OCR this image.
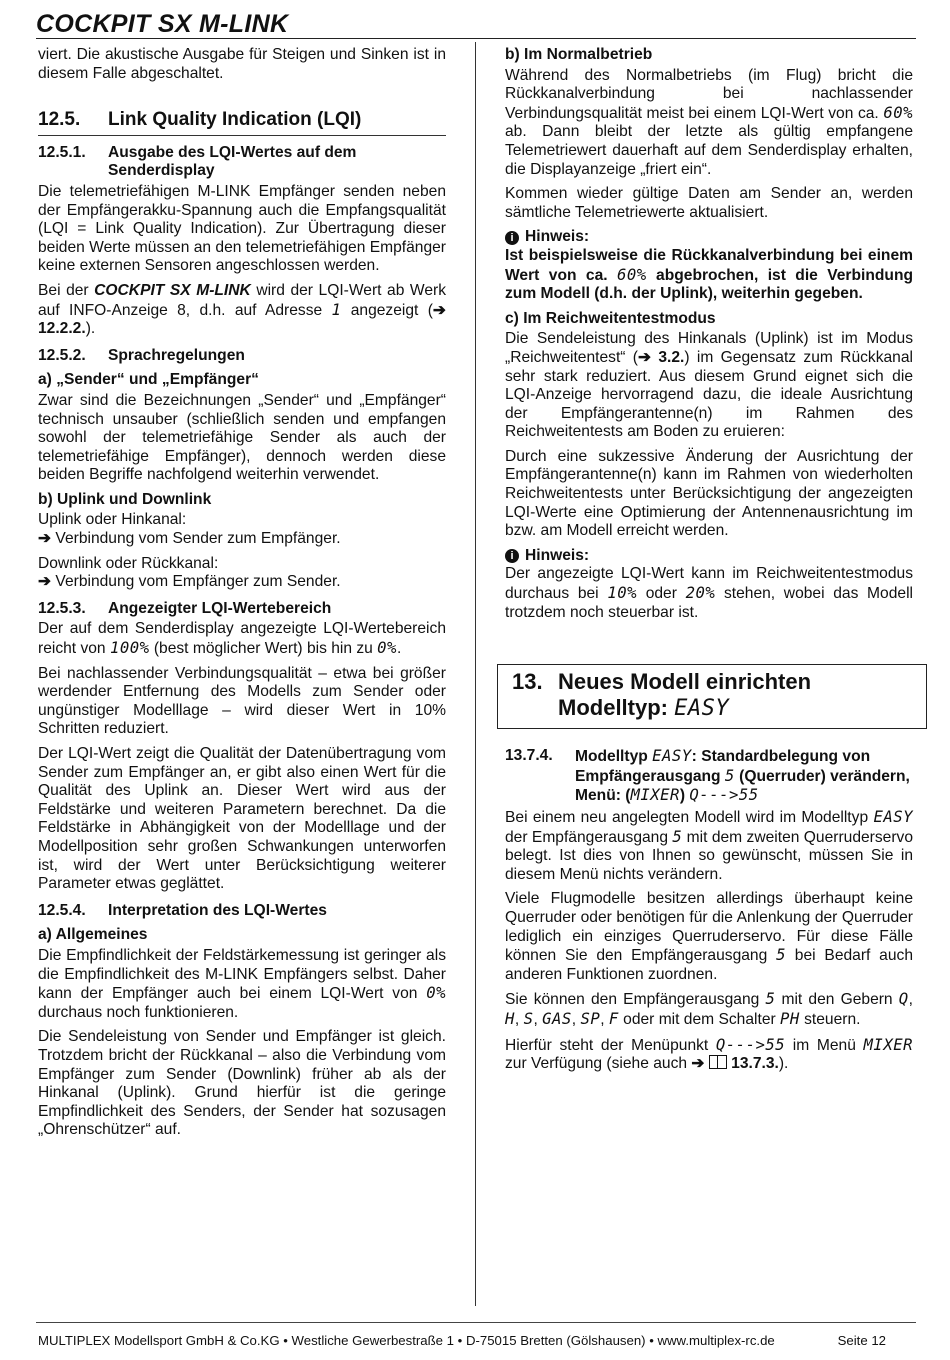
COCKPIT SX M-LINK

viert. Die akustische Ausgabe für Steigen und Sinken ist in diesem Falle abgeschaltet.

12.5.	Link Quality Indication (LQI)
12.5.1.	Ausgabe des LQI-Wertes auf dem Senderdisplay

Die telemetriefähigen M-LINK Empfänger senden neben der Empfängerakku-Spannung auch die Empfangsqualität (LQI = Link Quality Indication). Zur Übertragung dieser beiden Werte müssen an den telemetriefähigen Empfänger keine externen Sensoren angeschlossen werden.

Bei der COCKPIT SX M-LINK wird der LQI-Wert ab Werk auf INFO-Anzeige 8, d.h. auf Adresse 1 angezeigt (➔ 12.2.2.).

12.5.2.	Sprachregelungen
a) „Sender“ und „Empfänger“

Zwar sind die Bezeichnungen „Sender“ und „Empfänger“ technisch unsauber (schließlich senden und empfangen sowohl der telemetriefähige Sender als auch der telemetriefähige Empfänger), dennoch werden diese beiden Begriffe nachfolgend weiterhin verwendet.

b) Uplink und Downlink
Uplink oder Hinkanal:

➔ Verbindung vom Sender zum Empfänger.

Downlink oder Rückkanal:

➔ Verbindung vom Empfänger zum Sender.

12.5.3.	Angezeigter LQI-Wertebereich

Der auf dem Senderdisplay angezeigte LQI-Wertebereich reicht von 100% (best möglicher Wert) bis hin zu 0%.

Bei nachlassender Verbindungsqualität – etwa bei größer werdender Entfernung des Modells zum Sender oder ungünstiger Modelllage – wird dieser Wert in 10% Schritten reduziert.

Der LQI-Wert zeigt die Qualität der Datenübertragung vom Sender zum Empfänger an, er gibt also einen Wert für die Qualität des Uplink an. Dieser Wert wird aus der Feldstärke und weiteren Parametern berechnet. Da die Feldstärke in Abhängigkeit von der Modelllage und der Modellposition sehr großen Schwankungen unterworfen ist, wird der Wert unter Berücksichtigung weiterer Parameter etwas geglättet.

12.5.4.	Interpretation des LQI-Wertes
a) Allgemeines

Die Empfindlichkeit der Feldstärkemessung ist geringer als die Empfindlichkeit des M-LINK Empfängers selbst. Daher kann der Empfänger auch bei einem LQI-Wert von 0% durchaus noch funktionieren.

Die Sendeleistung von Sender und Empfänger ist gleich. Trotzdem bricht der Rückkanal – also die Verbindung vom Empfänger zum Sender (Downlink) früher ab als der Hinkanal (Uplink). Grund hierfür ist die geringe Empfindlichkeit des Senders, der Sender hat sozusagen „Ohrenschützer“ auf.

b) Im Normalbetrieb

Während des Normalbetriebs (im Flug) bricht die Rückkanalverbindung bei nachlassender Verbindungsqualität meist bei einem LQI-Wert von ca. 60% ab. Dann bleibt der letzte als gültig empfangene Telemetriewert dauerhaft auf dem Senderdisplay erhalten, die Displayanzeige „friert ein“.

Kommen wieder gültige Daten am Sender an, werden sämtliche Telemetriewerte aktualisiert.

i Hinweis:

Ist beispielsweise die Rückkanalverbindung bei einem Wert von ca. 60% abgebrochen, ist die Verbindung zum Modell (d.h. der Uplink), weiterhin gegeben.

c) Im Reichweitentestmodus

Die Sendeleistung des Hinkanals (Uplink) ist im Modus „Reichweitentest“ (➔ 3.2.) im Gegensatz zum Rückkanal sehr stark reduziert. Aus diesem Grund eignet sich die LQI-Anzeige hervorragend dazu, die ideale Ausrichtung der Empfängerantenne(n) im Rahmen des Reichweitentests am Boden zu eruieren:

Durch eine sukzessive Änderung der Ausrichtung der Empfängerantenne(n) kann im Rahmen von wiederholten Reichweitentests unter Berücksichtigung der angezeigten LQI-Werte eine Optimierung der Antennenausrichtung im bzw. am Modell erreicht werden.

i Hinweis:

Der angezeigte LQI-Wert kann im Reichweitentestmodus durchaus bei 10% oder 20% stehen, wobei das Modell trotzdem noch steuerbar ist.

13. Neues Modell einrichten
Modelltyp: EASY
13.7.4.	Modelltyp EASY: Standardbelegung von Empfängerausgang 5 (Querruder) verändern, Menü: (MIXER) Q--->55

Bei einem neu angelegten Modell wird im Modelltyp EASY der Empfängerausgang 5 mit dem zweiten Querruderservo belegt. Ist dies von Ihnen so gewünscht, müssen Sie in diesem Menü nichts verändern.

Viele Flugmodelle besitzen allerdings überhaupt keine Querruder oder benötigen für die Anlenkung der Querruder lediglich ein einziges Querruderservo. Für diese Fälle können Sie den Empfängerausgang 5 bei Bedarf auch anderen Funktionen zuordnen.

Sie können den Empfängerausgang 5 mit den Gebern Q, H, S, GAS, SP, F oder mit dem Schalter PH steuern.

Hierfür steht der Menüpunkt Q--->55 im Menü MIXER zur Verfügung (siehe auch ➔  13.7.3.).

MULTIPLEX Modellsport GmbH & Co.KG • Westliche Gewerbestraße 1 • D-75015 Bretten (Gölshausen) • www.multiplex-rc.de	Seite 12
